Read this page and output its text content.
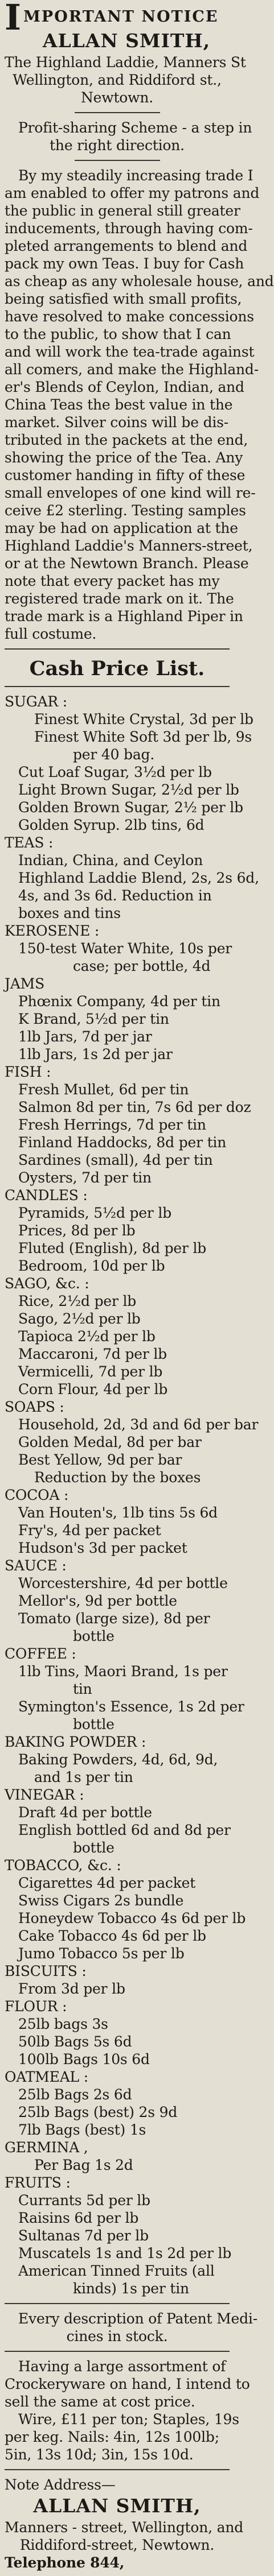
I MPORTANT NOTICE
ALLAN SMITH,
The Highland Laddie, Manners St
Wellington, and Riddiford st.,
Newtown.
Profit-sharing Scheme - a step in
the right direction.
By my steadily increasing trade I
am enabled to offer my patrons and
the public in general still greater
inducements, through having com-
pleted arrangements to blend and
pack my own Teas. I buy for Cash
as cheap as any wholesale house, and
being satisfied with small profits,
have resolved to make concessions
to the public, to show that I can
and will work the tea-trade against
all comers, and make the Highland-
er's Blends of Ceylon, Indian, and
China Teas the best value in the
market. Silver coins will be dis-
tributed in the packets at the end,
showing the price of the Tea. Any
customer handing in fifty of these
small envelopes of one kind will re-
ceive £2 sterling. Testing samples
may be had on application at the
Highland Laddie's Manners-street,
or at the Newtown Branch. Please
note that every packet has my
registered trade mark on it. The
trade mark is a Highland Piper in
full costume.
Cash Price List.
SUGAR :
Finest White Crystal, 3d per lb
Finest White Soft 3d per lb, 9s
per 40 bag.
Cut Loaf Sugar, 3½d per lb
Light Brown Sugar, 2½d per lb
Golden Brown Sugar, 2½ per lb
Golden Syrup. 2lb tins, 6d
TEAS :
Indian, China, and Ceylon
Highland Laddie Blend, 2s, 2s 6d,
4s, and 3s 6d. Reduction in
boxes and tins
KEROSENE :
150-test Water White, 10s per
case; per bottle, 4d
JAMS
Phœnix Company, 4d per tin
K Brand, 5½d per tin
1lb Jars, 7d per jar
1lb Jars, 1s 2d per jar
FISH :
Fresh Mullet, 6d per tin
Salmon 8d per tin, 7s 6d per doz
Fresh Herrings, 7d per tin
Finland Haddocks, 8d per tin
Sardines (small), 4d per tin
Oysters, 7d per tin
CANDLES :
Pyramids, 5½d per lb
Prices, 8d per lb
Fluted (English), 8d per lb
Bedroom, 10d per lb
SAGO, &c. :
Rice, 2½d per lb
Sago, 2½d per lb
Tapioca 2½d per lb
Maccaroni, 7d per lb
Vermicelli, 7d per lb
Corn Flour, 4d per lb
SOAPS :
Household, 2d, 3d and 6d per bar
Golden Medal, 8d per bar
Best Yellow, 9d per bar
Reduction by the boxes
COCOA :
Van Houten's, 1lb tins 5s 6d
Fry's, 4d per packet
Hudson's 3d per packet
SAUCE :
Worcestershire, 4d per bottle
Mellor's, 9d per bottle
Tomato (large size), 8d per
bottle
COFFEE :
1lb Tins, Maori Brand, 1s per
tin
Symington's Essence, 1s 2d per
bottle
BAKING POWDER :
Baking Powders, 4d, 6d, 9d,
and 1s per tin
VINEGAR :
Draft 4d per bottle
English bottled 6d and 8d per
bottle
TOBACCO, &c. :
Cigarettes 4d per packet
Swiss Cigars 2s bundle
Honeydew Tobacco 4s 6d per lb
Cake Tobacco 4s 6d per lb
Jumo Tobacco 5s per lb
BISCUITS :
From 3d per lb
FLOUR :
25lb bags 3s
50lb Bags 5s 6d
100lb Bags 10s 6d
OATMEAL :
25lb Bags 2s 6d
25lb Bags (best) 2s 9d
7lb Bags (best) 1s
GERMINA ,
Per Bag 1s 2d
FRUITS :
Currants 5d per lb
Raisins 6d per lb
Sultanas 7d per lb
Muscatels 1s and 1s 2d per lb
American Tinned Fruits (all
kinds) 1s per tin
Every description of Patent Medi-
cines in stock.
Having a large assortment of
Crockeryware on hand, I intend to
sell the same at cost price.
Wire, £11 per ton; Staples, 19s
per keg. Nails: 4in, 12s 100lb;
5in, 13s 10d; 3in, 15s 10d.
Note Address—
ALLAN SMITH,
Manners - street, Wellington, and
Riddiford-street, Newtown.
Telephone 844,
